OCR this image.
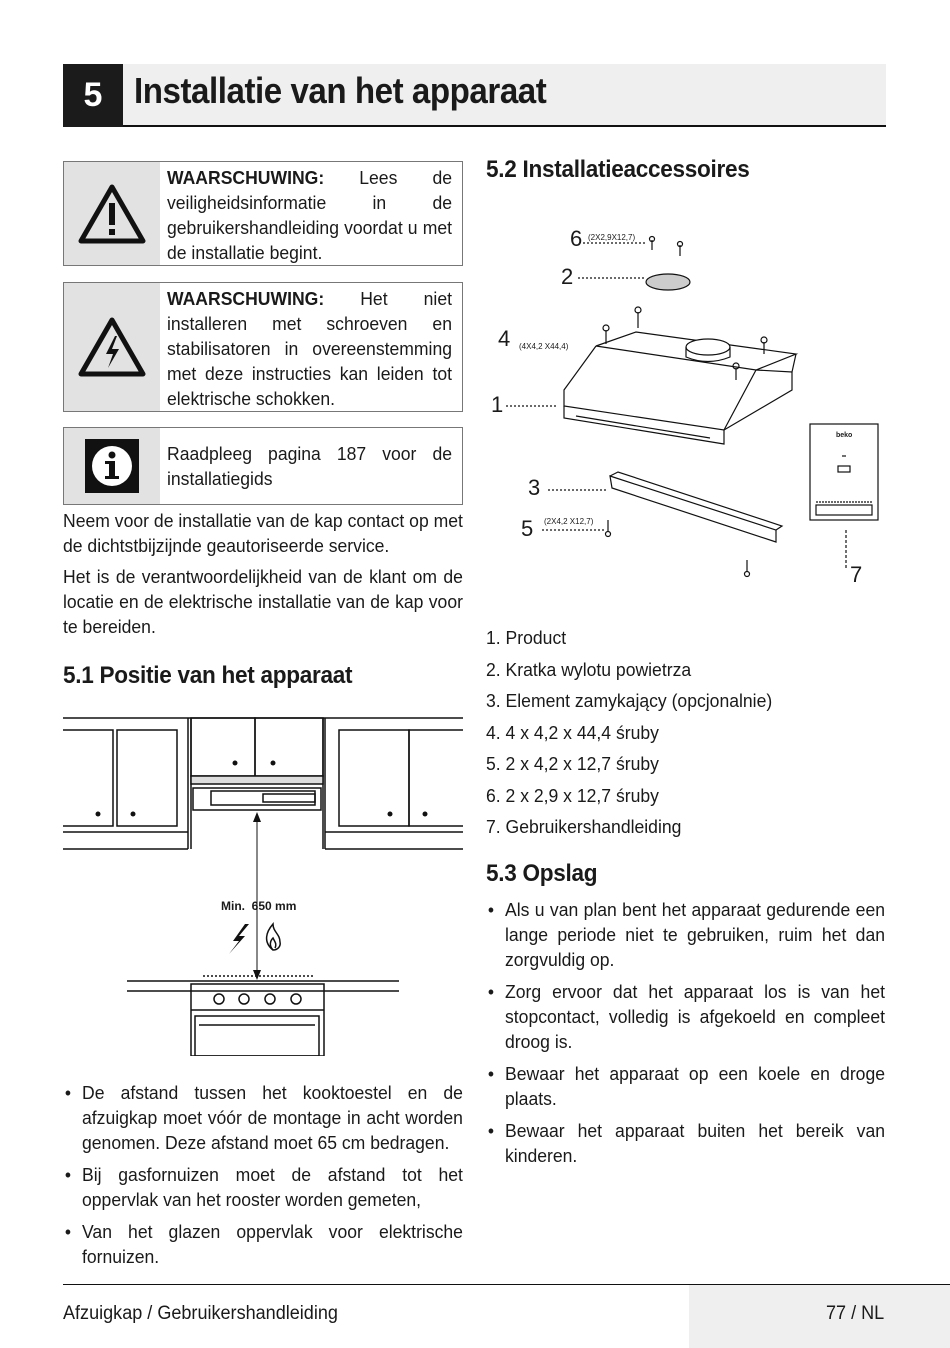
5 Installatie van het apparaat
WAARSCHUWING: Lees de veiligheidsinformatie in de gebruikershandleiding voordat u met de installatie begint.
WAARSCHUWING: Het niet installeren met schroeven en stabilisatoren in overeenstemming met deze instructies kan leiden tot elektrische schokken.
Raadpleeg pagina 187 voor de installatiegids
Neem voor de installatie van de kap contact op met de dichtstbijzijnde geautoriseerde service.
Het is de verantwoordelijkheid van de klant om de locatie en de elektrische installatie van de kap voor te bereiden.
5.1 Positie van het apparaat
Min.  650 mm
• De afstand tussen het kooktoestel en de afzuigkap moet vóór de montage in acht worden genomen. Deze afstand moet 65 cm bedragen.
• Bij gasfornuizen moet de afstand tot het oppervlak van het rooster worden gemeten,
• Van het glazen oppervlak voor elektrische fornuizen.
5.2 Installatieaccessoires
6 (2X2,9X12,7)
2
4 (4X4,2 X44,4)
1
3
5 (2X4,2 X12,7)
7
beko
1. Product
2. Kratka wylotu powietrza
3. Element zamykający (opcjonalnie)
4. 4 x 4,2 x 44,4 śruby
5. 2 x 4,2 x 12,7 śruby
6. 2 x 2,9 x 12,7 śruby
7. Gebruikershandleiding
5.3 Opslag
• Als u van plan bent het apparaat gedurende een lange periode niet te gebruiken, ruim het dan zorgvuldig op.
• Zorg ervoor dat het apparaat los is van het stopcontact, volledig is afgekoeld en compleet droog is.
• Bewaar het apparaat op een koele en droge plaats.
• Bewaar het apparaat buiten het bereik van kinderen.
Afzuigkap / Gebruikershandleiding	77 / NL
